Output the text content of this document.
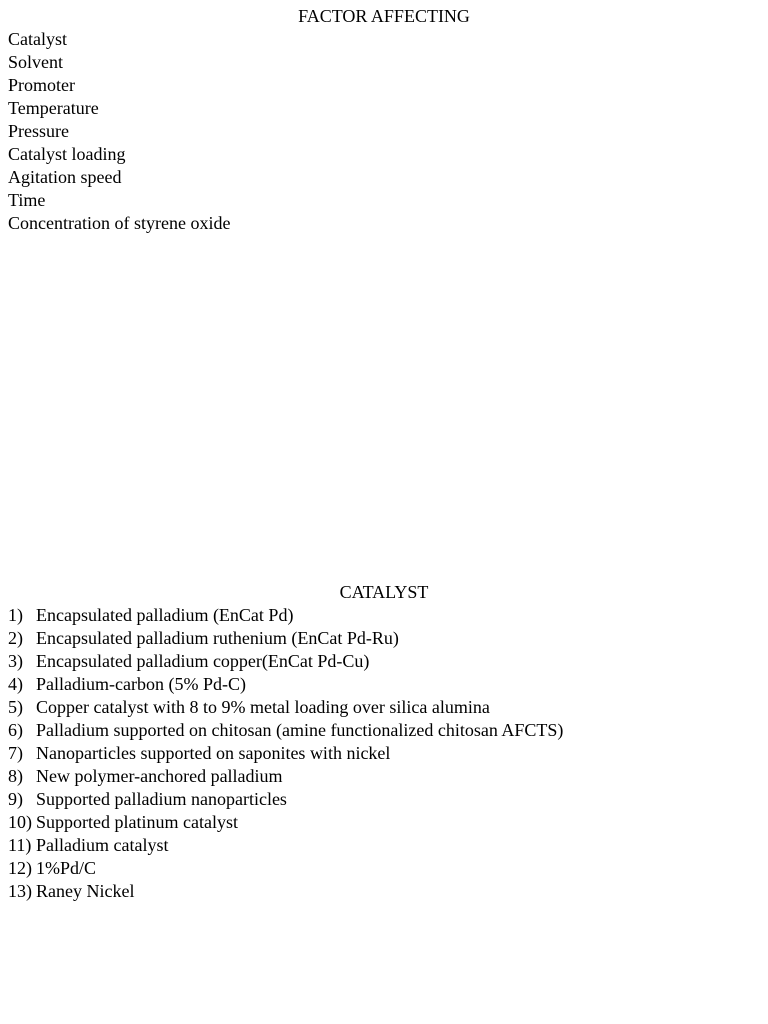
FACTOR AFFECTING
Catalyst
Solvent
Promoter
Temperature
Pressure
Catalyst loading
Agitation speed
Time
Concentration of styrene oxide
CATALYST
1) Encapsulated palladium (EnCat Pd)
2) Encapsulated palladium ruthenium (EnCat Pd-Ru)
3) Encapsulated palladium copper(EnCat Pd-Cu)
4) Palladium-carbon (5% Pd-C)
5) Copper catalyst with 8 to 9% metal loading over silica alumina
6) Palladium supported on chitosan (amine functionalized chitosan AFCTS)
7) Nanoparticles supported on saponites with nickel
8) New polymer-anchored palladium
9) Supported palladium nanoparticles
10) Supported platinum catalyst
11) Palladium catalyst
12) 1%Pd/C
13) Raney Nickel
